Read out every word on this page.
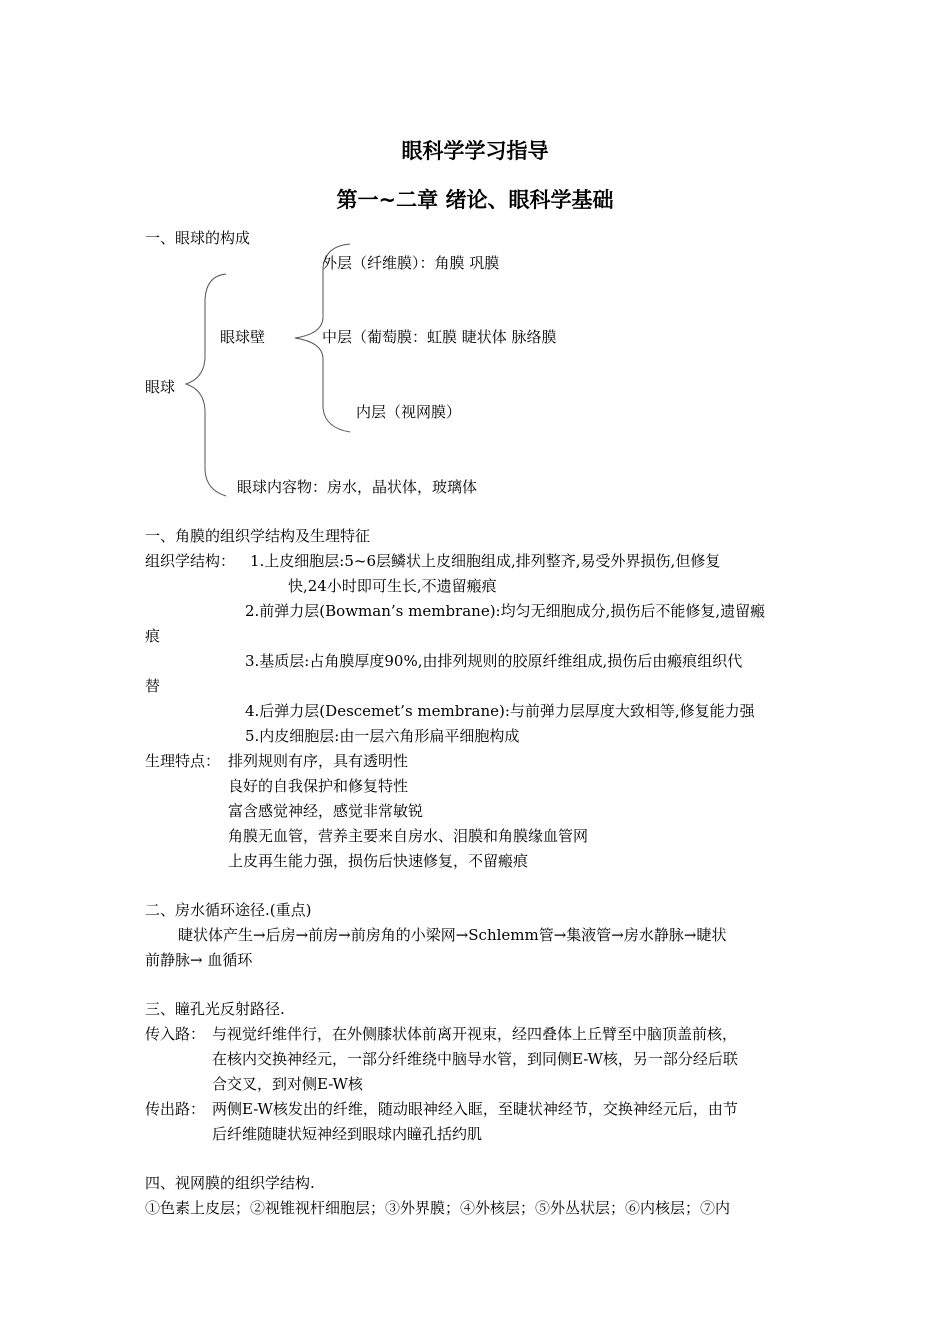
眼科学学习指导
第一~二章 绪论、眼科学基础
一、眼球的构成
眼球
眼球壁
外层（纤维膜）：角膜 巩膜
中层（葡萄膜：虹膜 睫状体 脉络膜
内层（视网膜）
眼球内容物：房水，晶状体，玻璃体
一、角膜的组织学结构及生理特征
组织学结构： 1.上皮细胞层:5~6层鳞状上皮细胞组成,排列整齐,易受外界损伤,但修复
快,24小时即可生长,不遗留瘢痕
2.前弹力层(Bowman’s membrane):均匀无细胞成分,损伤后不能修复,遗留瘢
痕
3.基质层:占角膜厚度90%,由排列规则的胶原纤维组成,损伤后由瘢痕组织代
替
4.后弹力层(Descemet’s membrane):与前弹力层厚度大致相等,修复能力强
5.内皮细胞层:由一层六角形扁平细胞构成
生理特点： 排列规则有序，具有透明性
良好的自我保护和修复特性
富含感觉神经，感觉非常敏锐
角膜无血管，营养主要来自房水、泪膜和角膜缘血管网
上皮再生能力强，损伤后快速修复，不留瘢痕
二、房水循环途径.(重点)
睫状体产生→后房→前房→前房角的小梁网→Schlemm管→集液管→房水静脉→睫状
前静脉→ 血循环
三、瞳孔光反射路径.
传入路： 与视觉纤维伴行，在外侧膝状体前离开视束，经四叠体上丘臂至中脑顶盖前核，
在核内交换神经元，一部分纤维绕中脑导水管，到同侧E-W核，另一部分经后联
合交叉，到对侧E-W核
传出路： 两侧E-W核发出的纤维，随动眼神经入眶，至睫状神经节，交换神经元后，由节
后纤维随睫状短神经到眼球内瞳孔括约肌
四、视网膜的组织学结构.
①色素上皮层；②视锥视杆细胞层；③外界膜；④外核层；⑤外丛状层；⑥内核层；⑦内
